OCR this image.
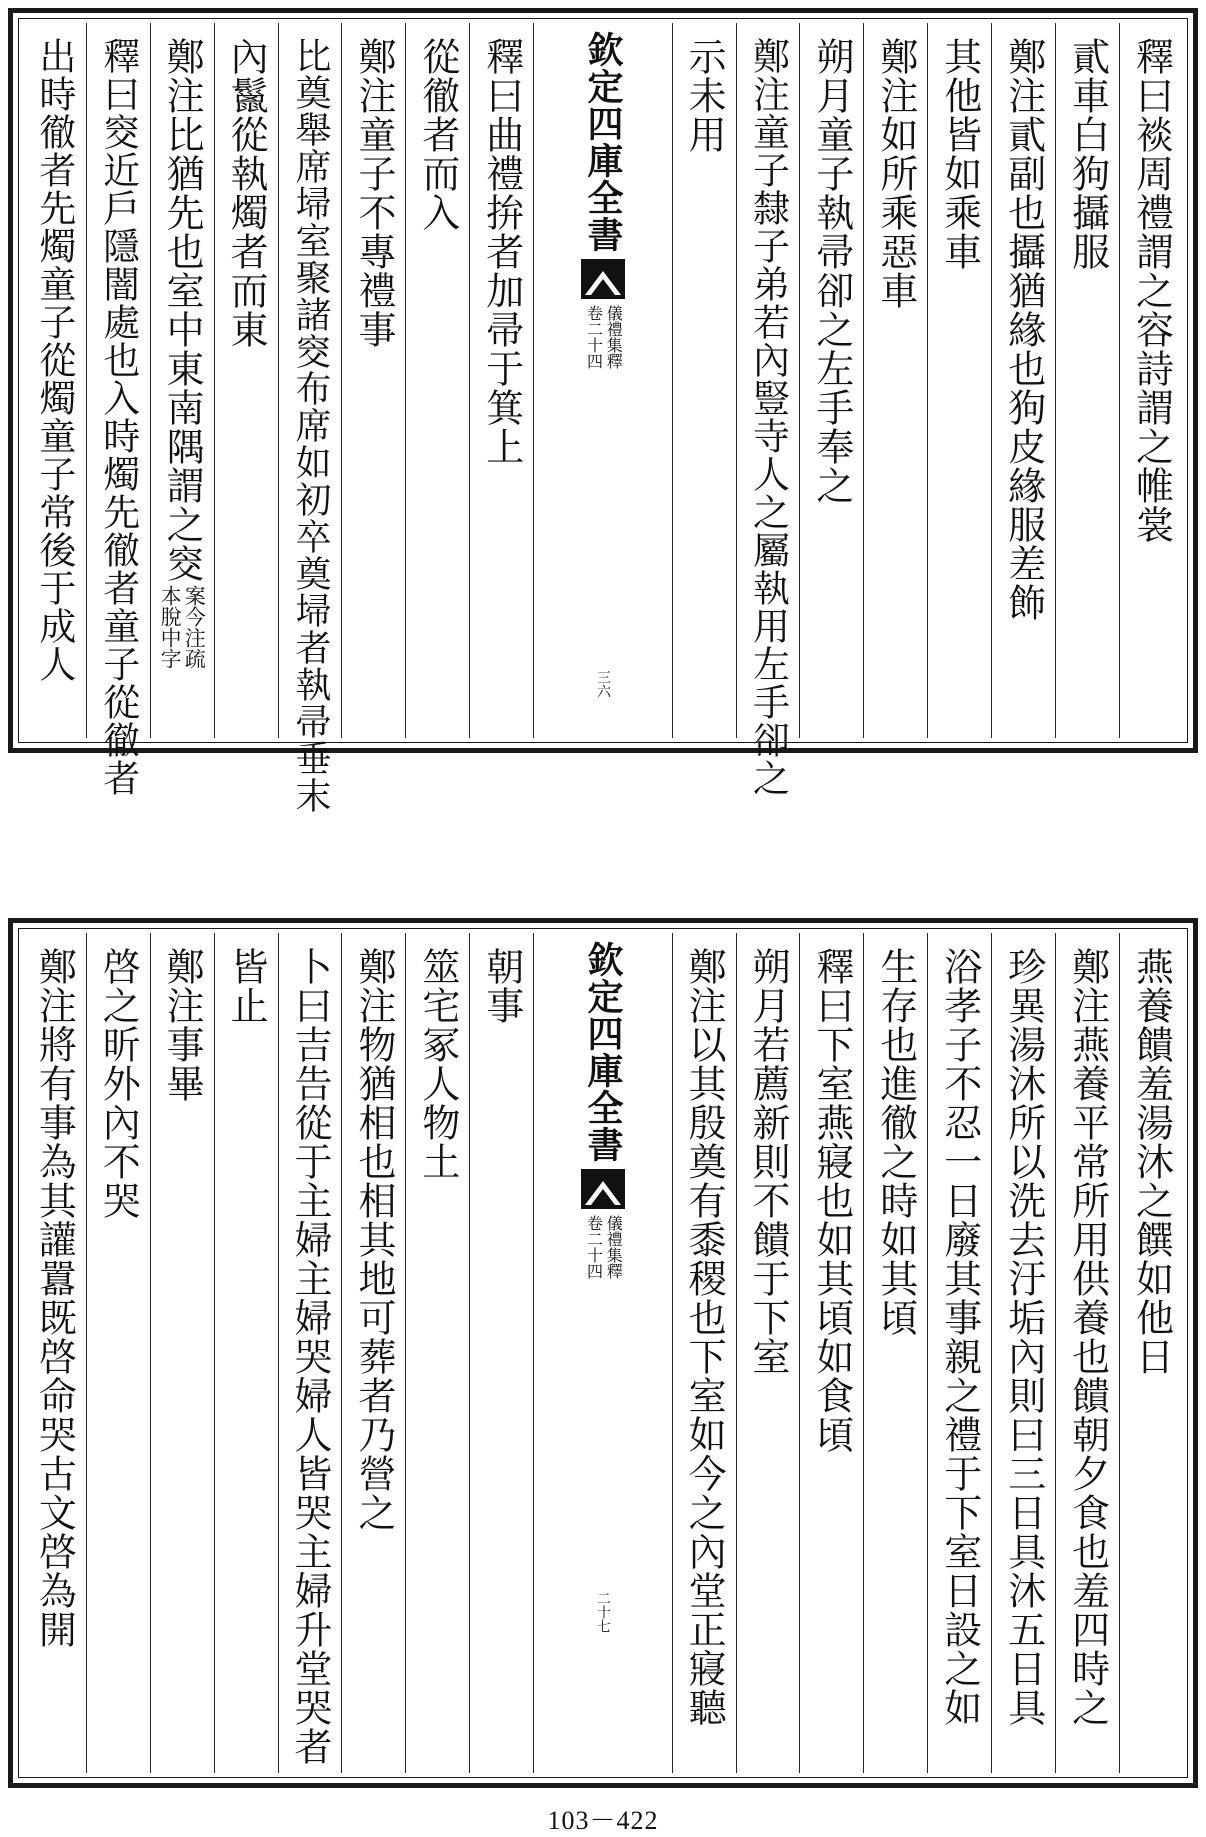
釋曰裧周禮謂之容詩謂之帷裳
貳車白狗攝服
鄭注貳副也攝猶緣也狗皮緣服差飾
其他皆如乘車
鄭注如所乘惡車
朔月童子執帚卻之左手奉之
鄭注童子隸子弟若內豎寺人之屬執用左手卻之
示未用
欽定四庫全書
儀禮集釋
卷二十四
三六
釋曰曲禮拚者加帚于箕上
從徹者而入
鄭注童子不專禮事
比奠舉席埽室聚諸窔布席如初卒奠埽者執帚垂末
內鬣從執燭者而東
鄭注比猶先也室中東南隅謂之窔
案今注疏
本脫中字
釋曰窔近戶隱闇處也入時燭先徹者童子從徹者
出時徹者先燭童子從燭童子常後于成人
燕養饋羞湯沐之饌如他日
鄭注燕養平常所用供養也饋朝夕食也羞四時之
珍異湯沐所以洗去汙垢內則曰三日具沐五日具
浴孝子不忍一日廢其事親之禮于下室日設之如
生存也進徹之時如其頃
釋曰下室燕寢也如其頃如食頃
朔月若薦新則不饋于下室
鄭注以其殷奠有黍稷也下室如今之內堂正寢聽
欽定四庫全書
儀禮集釋
卷二十四
二十七
朝事
筮宅冢人物土
鄭注物猶相也相其地可葬者乃營之
卜曰吉告從于主婦主婦哭婦人皆哭主婦升堂哭者
皆止
鄭注事畢
啓之昕外內不哭
鄭注將有事為其讙囂既啓命哭古文啓為開
103－422
